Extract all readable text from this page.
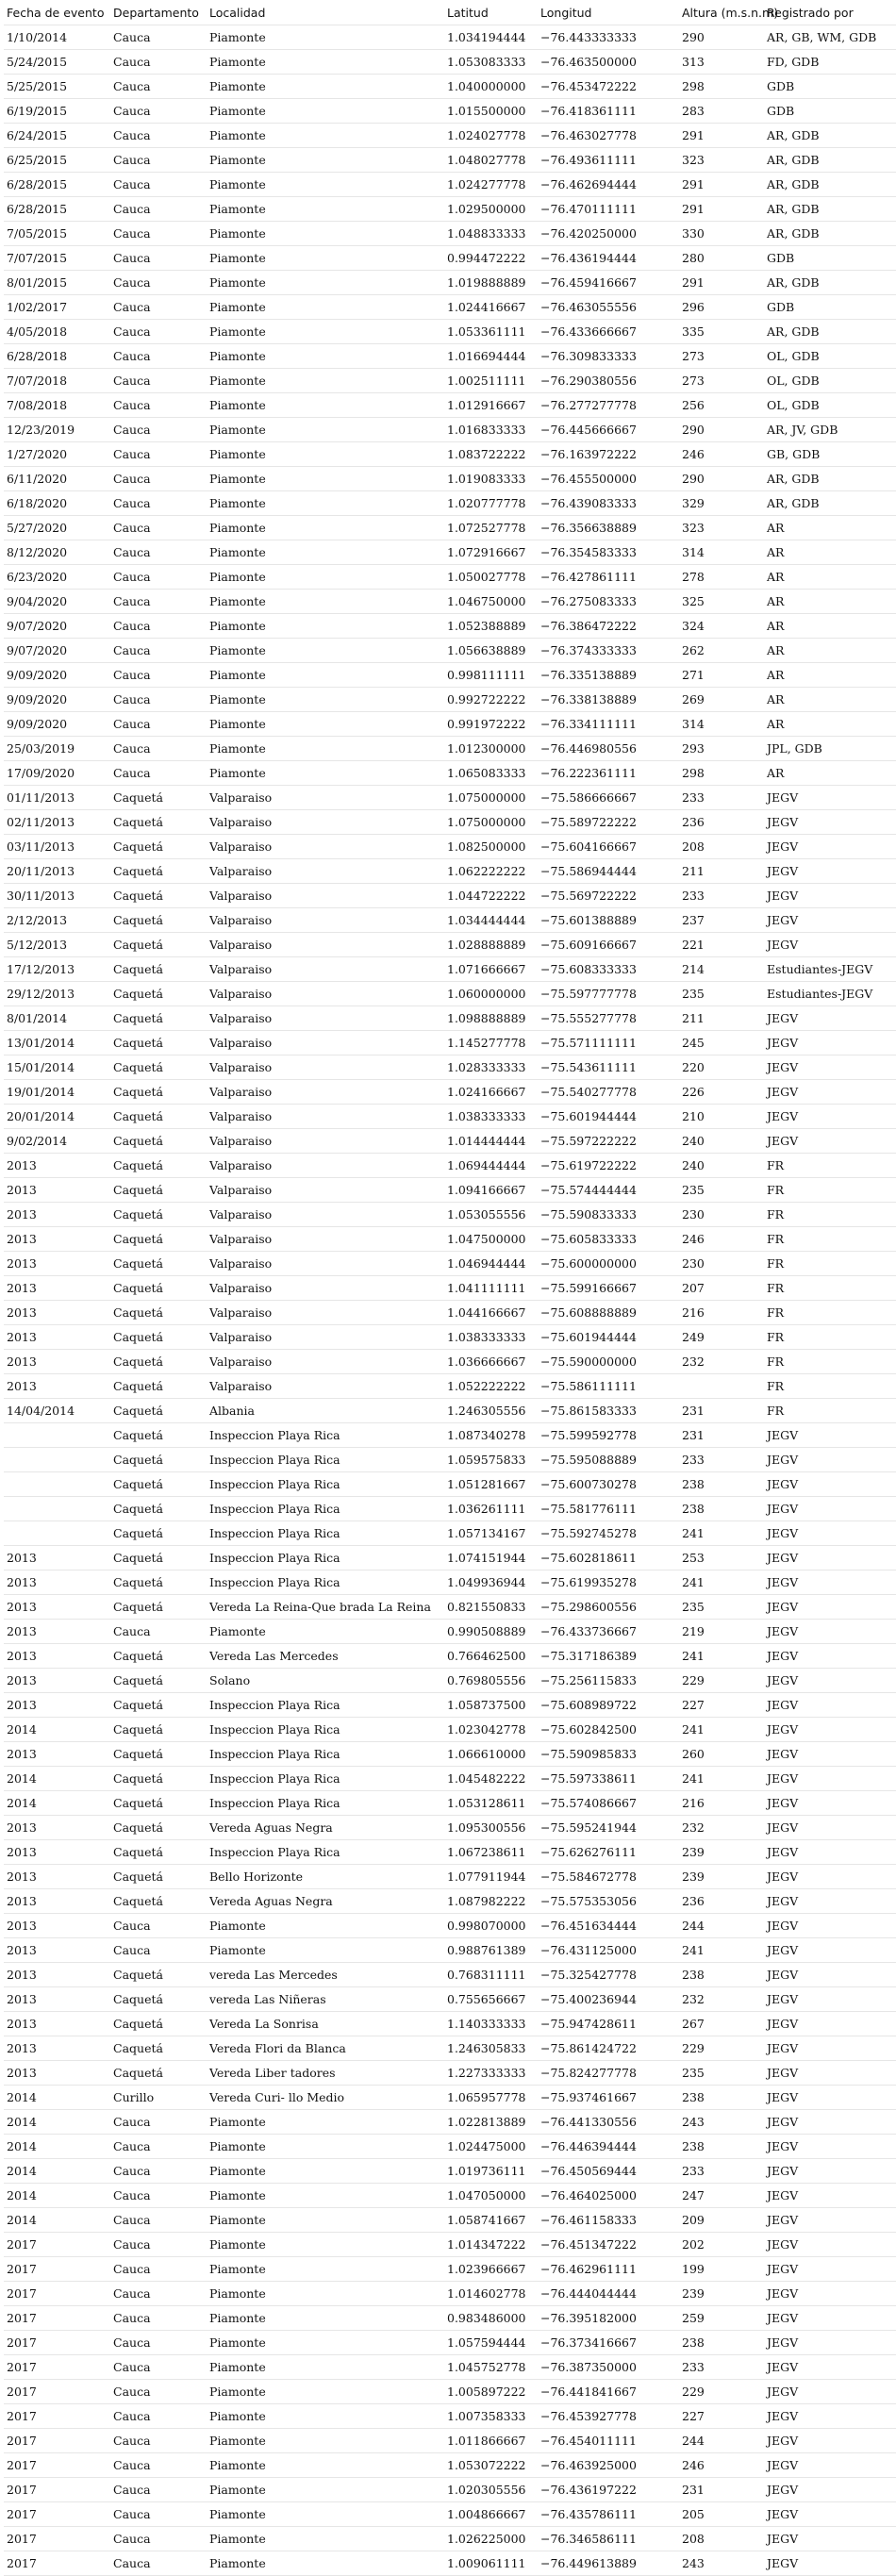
Fecha de evento	Departamento	Localidad	Latitud	Longitud	Altura (m.s.n.m)	Registrado por
1/10/2014	Cauca	Piamonte	1.034194444	−76.443333333	290	AR, GB, WM, GDB
5/24/2015	Cauca	Piamonte	1.053083333	−76.463500000	313	FD, GDB
5/25/2015	Cauca	Piamonte	1.040000000	−76.453472222	298	GDB
6/19/2015	Cauca	Piamonte	1.015500000	−76.418361111	283	GDB
6/24/2015	Cauca	Piamonte	1.024027778	−76.463027778	291	AR, GDB
6/25/2015	Cauca	Piamonte	1.048027778	−76.493611111	323	AR, GDB
6/28/2015	Cauca	Piamonte	1.024277778	−76.462694444	291	AR, GDB
6/28/2015	Cauca	Piamonte	1.029500000	−76.470111111	291	AR, GDB
7/05/2015	Cauca	Piamonte	1.048833333	−76.420250000	330	AR, GDB
7/07/2015	Cauca	Piamonte	0.994472222	−76.436194444	280	GDB
8/01/2015	Cauca	Piamonte	1.019888889	−76.459416667	291	AR, GDB
1/02/2017	Cauca	Piamonte	1.024416667	−76.463055556	296	GDB
4/05/2018	Cauca	Piamonte	1.053361111	−76.433666667	335	AR, GDB
6/28/2018	Cauca	Piamonte	1.016694444	−76.309833333	273	OL, GDB
7/07/2018	Cauca	Piamonte	1.002511111	−76.290380556	273	OL, GDB
7/08/2018	Cauca	Piamonte	1.012916667	−76.277277778	256	OL, GDB
12/23/2019	Cauca	Piamonte	1.016833333	−76.445666667	290	AR, JV, GDB
1/27/2020	Cauca	Piamonte	1.083722222	−76.163972222	246	GB, GDB
6/11/2020	Cauca	Piamonte	1.019083333	−76.455500000	290	AR, GDB
6/18/2020	Cauca	Piamonte	1.020777778	−76.439083333	329	AR, GDB
5/27/2020	Cauca	Piamonte	1.072527778	−76.356638889	323	AR
8/12/2020	Cauca	Piamonte	1.072916667	−76.354583333	314	AR
6/23/2020	Cauca	Piamonte	1.050027778	−76.427861111	278	AR
9/04/2020	Cauca	Piamonte	1.046750000	−76.275083333	325	AR
9/07/2020	Cauca	Piamonte	1.052388889	−76.386472222	324	AR
9/07/2020	Cauca	Piamonte	1.056638889	−76.374333333	262	AR
9/09/2020	Cauca	Piamonte	0.998111111	−76.335138889	271	AR
9/09/2020	Cauca	Piamonte	0.992722222	−76.338138889	269	AR
9/09/2020	Cauca	Piamonte	0.991972222	−76.334111111	314	AR
25/03/2019	Cauca	Piamonte	1.012300000	−76.446980556	293	JPL, GDB
17/09/2020	Cauca	Piamonte	1.065083333	−76.222361111	298	AR
01/11/2013	Caquetá	Valparaiso	1.075000000	−75.586666667	233	JEGV
02/11/2013	Caquetá	Valparaiso	1.075000000	−75.589722222	236	JEGV
03/11/2013	Caquetá	Valparaiso	1.082500000	−75.604166667	208	JEGV
20/11/2013	Caquetá	Valparaiso	1.062222222	−75.586944444	211	JEGV
30/11/2013	Caquetá	Valparaiso	1.044722222	−75.569722222	233	JEGV
2/12/2013	Caquetá	Valparaiso	1.034444444	−75.601388889	237	JEGV
5/12/2013	Caquetá	Valparaiso	1.028888889	−75.609166667	221	JEGV
17/12/2013	Caquetá	Valparaiso	1.071666667	−75.608333333	214	Estudiantes-JEGV
29/12/2013	Caquetá	Valparaiso	1.060000000	−75.597777778	235	Estudiantes-JEGV
8/01/2014	Caquetá	Valparaiso	1.098888889	−75.555277778	211	JEGV
13/01/2014	Caquetá	Valparaiso	1.145277778	−75.571111111	245	JEGV
15/01/2014	Caquetá	Valparaiso	1.028333333	−75.543611111	220	JEGV
19/01/2014	Caquetá	Valparaiso	1.024166667	−75.540277778	226	JEGV
20/01/2014	Caquetá	Valparaiso	1.038333333	−75.601944444	210	JEGV
9/02/2014	Caquetá	Valparaiso	1.014444444	−75.597222222	240	JEGV
2013	Caquetá	Valparaiso	1.069444444	−75.619722222	240	FR
2013	Caquetá	Valparaiso	1.094166667	−75.574444444	235	FR
2013	Caquetá	Valparaiso	1.053055556	−75.590833333	230	FR
2013	Caquetá	Valparaiso	1.047500000	−75.605833333	246	FR
2013	Caquetá	Valparaiso	1.046944444	−75.600000000	230	FR
2013	Caquetá	Valparaiso	1.041111111	−75.599166667	207	FR
2013	Caquetá	Valparaiso	1.044166667	−75.608888889	216	FR
2013	Caquetá	Valparaiso	1.038333333	−75.601944444	249	FR
2013	Caquetá	Valparaiso	1.036666667	−75.590000000	232	FR
2013	Caquetá	Valparaiso	1.052222222	−75.586111111		FR
14/04/2014	Caquetá	Albania	1.246305556	−75.861583333	231	FR
	Caquetá	Inspeccion Playa Rica	1.087340278	−75.599592778	231	JEGV
	Caquetá	Inspeccion Playa Rica	1.059575833	−75.595088889	233	JEGV
	Caquetá	Inspeccion Playa Rica	1.051281667	−75.600730278	238	JEGV
	Caquetá	Inspeccion Playa Rica	1.036261111	−75.581776111	238	JEGV
	Caquetá	Inspeccion Playa Rica	1.057134167	−75.592745278	241	JEGV
2013	Caquetá	Inspeccion Playa Rica	1.074151944	−75.602818611	253	JEGV
2013	Caquetá	Inspeccion Playa Rica	1.049936944	−75.619935278	241	JEGV
2013	Caquetá	Vereda La Reina-Que brada La Reina	0.821550833	−75.298600556	235	JEGV
2013	Cauca	Piamonte	0.990508889	−76.433736667	219	JEGV
2013	Caquetá	Vereda Las Mercedes	0.766462500	−75.317186389	241	JEGV
2013	Caquetá	Solano	0.769805556	−75.256115833	229	JEGV
2013	Caquetá	Inspeccion Playa Rica	1.058737500	−75.608989722	227	JEGV
2014	Caquetá	Inspeccion Playa Rica	1.023042778	−75.602842500	241	JEGV
2013	Caquetá	Inspeccion Playa Rica	1.066610000	−75.590985833	260	JEGV
2014	Caquetá	Inspeccion Playa Rica	1.045482222	−75.597338611	241	JEGV
2014	Caquetá	Inspeccion Playa Rica	1.053128611	−75.574086667	216	JEGV
2013	Caquetá	Vereda Aguas Negra	1.095300556	−75.595241944	232	JEGV
2013	Caquetá	Inspeccion Playa Rica	1.067238611	−75.626276111	239	JEGV
2013	Caquetá	Bello Horizonte	1.077911944	−75.584672778	239	JEGV
2013	Caquetá	Vereda Aguas Negra	1.087982222	−75.575353056	236	JEGV
2013	Cauca	Piamonte	0.998070000	−76.451634444	244	JEGV
2013	Cauca	Piamonte	0.988761389	−76.431125000	241	JEGV
2013	Caquetá	vereda Las Mercedes	0.768311111	−75.325427778	238	JEGV
2013	Caquetá	vereda Las Niñeras	0.755656667	−75.400236944	232	JEGV
2013	Caquetá	Vereda La Sonrisa	1.140333333	−75.947428611	267	JEGV
2013	Caquetá	Vereda Flori da Blanca	1.246305833	−75.861424722	229	JEGV
2013	Caquetá	Vereda Liber tadores	1.227333333	−75.824277778	235	JEGV
2014	Curillo	Vereda Curi- llo Medio	1.065957778	−75.937461667	238	JEGV
2014	Cauca	Piamonte	1.022813889	−76.441330556	243	JEGV
2014	Cauca	Piamonte	1.024475000	−76.446394444	238	JEGV
2014	Cauca	Piamonte	1.019736111	−76.450569444	233	JEGV
2014	Cauca	Piamonte	1.047050000	−76.464025000	247	JEGV
2014	Cauca	Piamonte	1.058741667	−76.461158333	209	JEGV
2017	Cauca	Piamonte	1.014347222	−76.451347222	202	JEGV
2017	Cauca	Piamonte	1.023966667	−76.462961111	199	JEGV
2017	Cauca	Piamonte	1.014602778	−76.444044444	239	JEGV
2017	Cauca	Piamonte	0.983486000	−76.395182000	259	JEGV
2017	Cauca	Piamonte	1.057594444	−76.373416667	238	JEGV
2017	Cauca	Piamonte	1.045752778	−76.387350000	233	JEGV
2017	Cauca	Piamonte	1.005897222	−76.441841667	229	JEGV
2017	Cauca	Piamonte	1.007358333	−76.453927778	227	JEGV
2017	Cauca	Piamonte	1.011866667	−76.454011111	244	JEGV
2017	Cauca	Piamonte	1.053072222	−76.463925000	246	JEGV
2017	Cauca	Piamonte	1.020305556	−76.436197222	231	JEGV
2017	Cauca	Piamonte	1.004866667	−76.435786111	205	JEGV
2017	Cauca	Piamonte	1.026225000	−76.346586111	208	JEGV
2017	Cauca	Piamonte	1.009061111	−76.449613889	243	JEGV
